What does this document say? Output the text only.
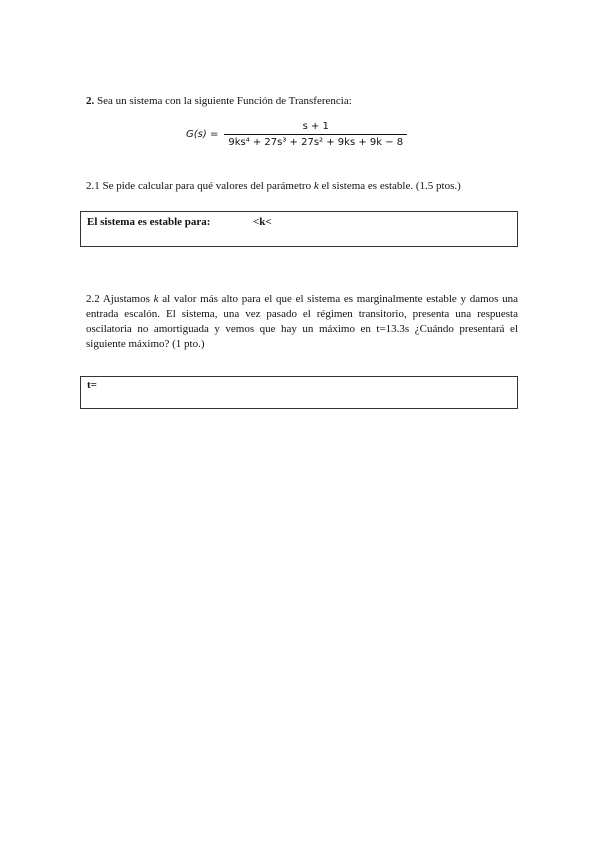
2. Sea un sistema con la siguiente Función de Transferencia:
$G(s) = \frac{s + 1}{\text{9ks⁴ + 27s³ + 27s² + 9ks + 9k − 8}}$
2.1 Se pide calcular para qué valores del parámetro k el sistema es estable. (1.5 ptos.)
El sistema es estable para:	<k<
2.2 Ajustamos k al valor más alto para el que el sistema es marginalmente estable y damos una entrada escalón. El sistema, una vez pasado el régimen transitorio, presenta una respuesta oscilatoria no amortiguada y vemos que hay un máximo en t=13.3s ¿Cuándo presentará el siguiente máximo? (1 pto.)
t=
